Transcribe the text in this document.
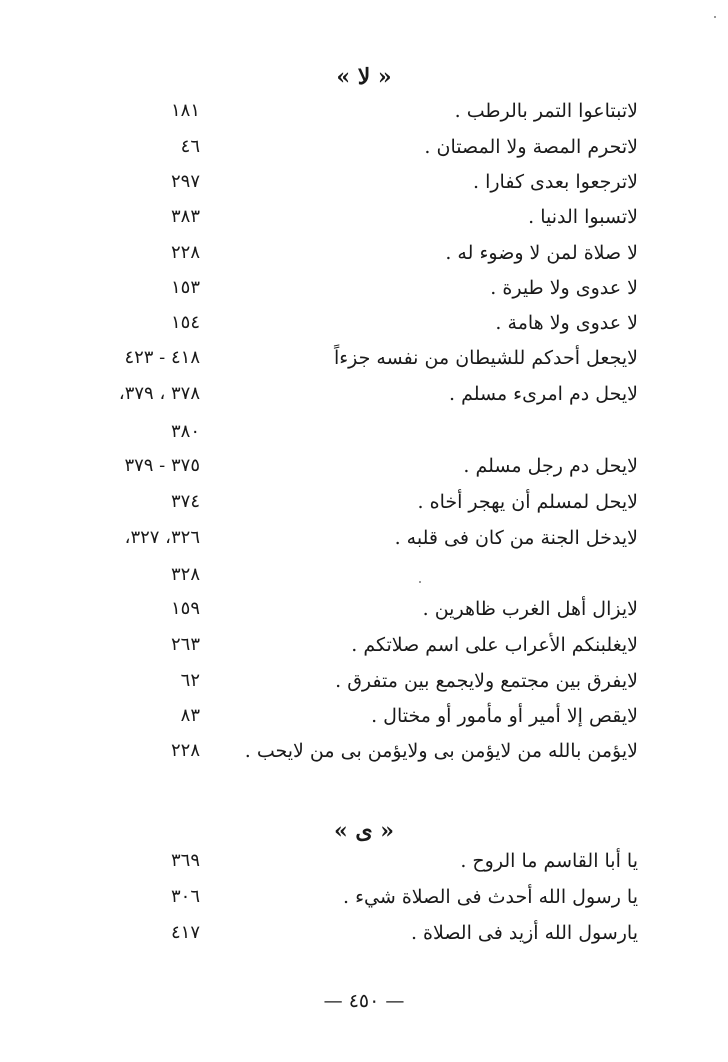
« لا »
لاتبتاعوا التمر بالرطب .
١٨١
لاتحرم المصة ولا المصتان .
٤٦
لاترجعوا بعدى كفارا .
٢٩٧
لاتسبوا الدنيا .
٣٨٣
لا صلاة لمن لا وضوء له .
٢٢٨
لا عدوى ولا طيرة .
١٥٣
لا عدوى ولا هامة .
١٥٤
لايجعل أحدكم للشيطان من نفسه جزءاً
٤١٨ - ٤٢٣
لايحل دم امرىء مسلم .
٣٧٨ ، ٣٧٩،
٣٨٠
لايحل دم رجل مسلم .
٣٧٥ - ٣٧٩
لايحل لمسلم أن يهجر أخاه .
٣٧٤
لايدخل الجنة من كان فى قلبه .
٣٢٦، ٣٢٧،
٣٢٨
لايزال أهل الغرب ظاهرين .
١٥٩
لايغلبنكم الأعراب على اسم صلاتكم .
٢٦٣
لايفرق بين مجتمع ولايجمع بين متفرق .
٦٢
لايقص إلا أمير أو مأمور أو مختال .
٨٣
لايؤمن بالله من لايؤمن بى ولايؤمن بى من لايحب .
٢٢٨
« ى »
يا أبا القاسم ما الروح .
٣٦٩
يا رسول الله أحدث فى الصلاة شيء .
٣٠٦
يارسول الله أزيد فى الصلاة .
٤١٧
— ٤٥٠ —
